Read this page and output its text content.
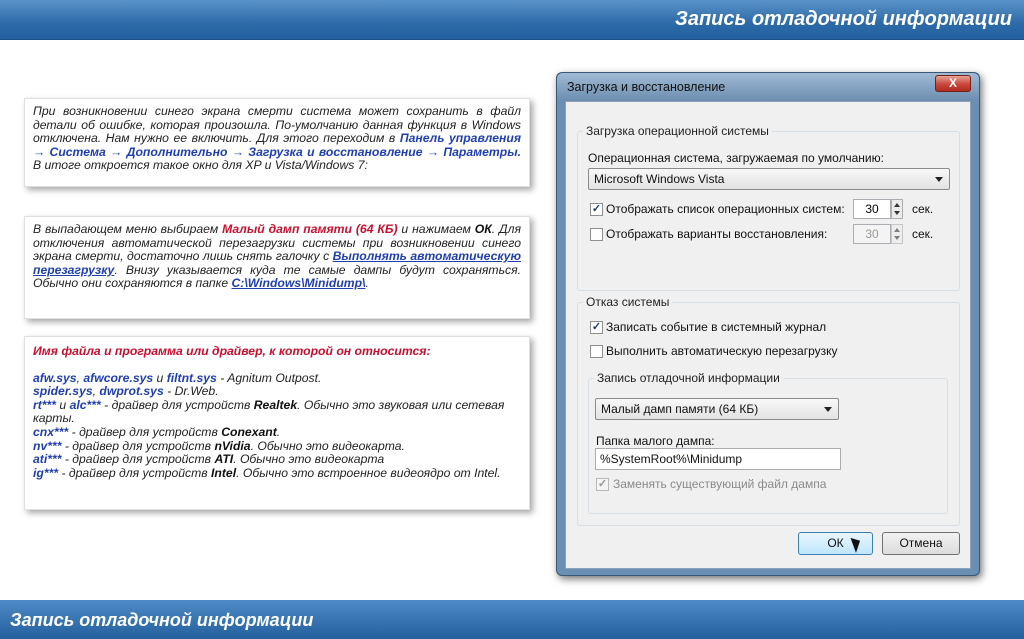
Запись отладочной информации
При возникновении синего экрана смерти система может сохранить в файл детали об ошибке, которая произошла. По-умолчанию данная функция в Windows отключена. Нам нужно ее включить. Для этого переходим в Панель управления → Система → Дополнительно → Загрузка и восстановление → Параметры. В итоге откроется такое окно для XP и Vista/Windows 7:
В выпадающем меню выбираем Малый дамп памяти (64 КБ) и нажимаем ОК. Для отключения автоматической перезагрузки системы при возникновении синего экрана смерти, достаточно лишь снять галочку с Выполнять автоматическую перезагрузку. Внизу указывается куда те самые дампы будут сохраняться. Обычно они сохраняются в папке C:\Windows\Minidump\.
Имя файла и программа или драйвер, к которой он относится:
afw.sys, afwcore.sys и filtnt.sys - Agnitum Outpost.
spider.sys, dwprot.sys - Dr.Web.
rt*** и alc*** - драйвер для устройств Realtek. Обычно это звуковая или сетевая карты.
cnx*** - драйвер для устройств Conexant.
nv*** - драйвер для устройств nVidia. Обычно это видеокарта.
ati*** - драйвер для устройств ATI. Обычно это видеокарта
ig*** - драйвер для устройств Intel. Обычно это встроенное видеоядро от Intel.
Загрузка и восстановление	X
Загрузка операционной системы
Операционная система, загружаемая по умолчанию:
Microsoft Windows Vista
✓ Отображать список операционных систем:	30	сек.
Отображать варианты восстановления:	30	сек.
Отказ системы
✓ Записать событие в системный журнал
Выполнить автоматическую перезагрузку
Запись отладочной информации
Малый дамп памяти (64 КБ)
Папка малого дампа:
%SystemRoot%\Minidump
✓ Заменять существующий файл дампа
ОК	Отмена
Запись отладочной информации
